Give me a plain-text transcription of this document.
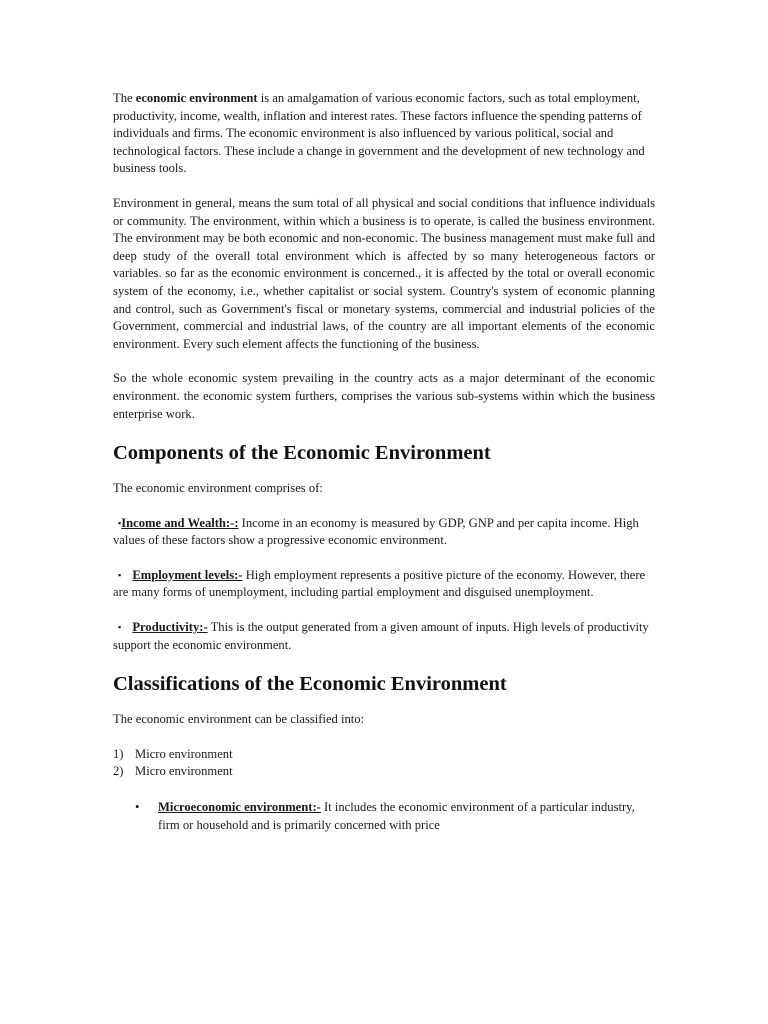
The economic environment is an amalgamation of various economic factors, such as total employment, productivity, income, wealth, inflation and interest rates. These factors influence the spending patterns of individuals and firms. The economic environment is also influenced by various political, social and technological factors. These include a change in government and the development of new technology and business tools.

Environment in general, means the sum total of all physical and social conditions that influence individuals or community. The environment, within which a business is to operate, is called the business environment. The environment may be both economic and non-economic. The business management must make full and deep study of the overall total environment which is affected by so many heterogeneous factors or variables. so far as the economic environment is concerned., it is affected by the total or overall economic system of the economy, i.e., whether capitalist or social system. Country's system of economic planning and control, such as Government's fiscal or monetary systems, commercial and industrial policies of the Government, commercial and industrial laws, of the country are all important elements of the economic environment. Every such element affects the functioning of the business.

So the whole economic system prevailing in the country acts as a major determinant of the economic environment. the economic system furthers, comprises the various sub-systems within which the business enterprise work.

Components of the Economic Environment

The economic environment comprises of:

▪Income and Wealth:-: Income in an economy is measured by GDP, GNP and per capita income. High values of these factors show a progressive economic environment.

▪ Employment levels:- High employment represents a positive picture of the economy. However, there are many forms of unemployment, including partial employment and disguised unemployment.

▪ Productivity:- This is the output generated from a given amount of inputs. High levels of productivity support the economic environment.

Classifications of the Economic Environment

The economic environment can be classified into:

1) Micro environment
2) Micro environment

• Microeconomic environment:- It includes the economic environment of a particular industry, firm or household and is primarily concerned with price
